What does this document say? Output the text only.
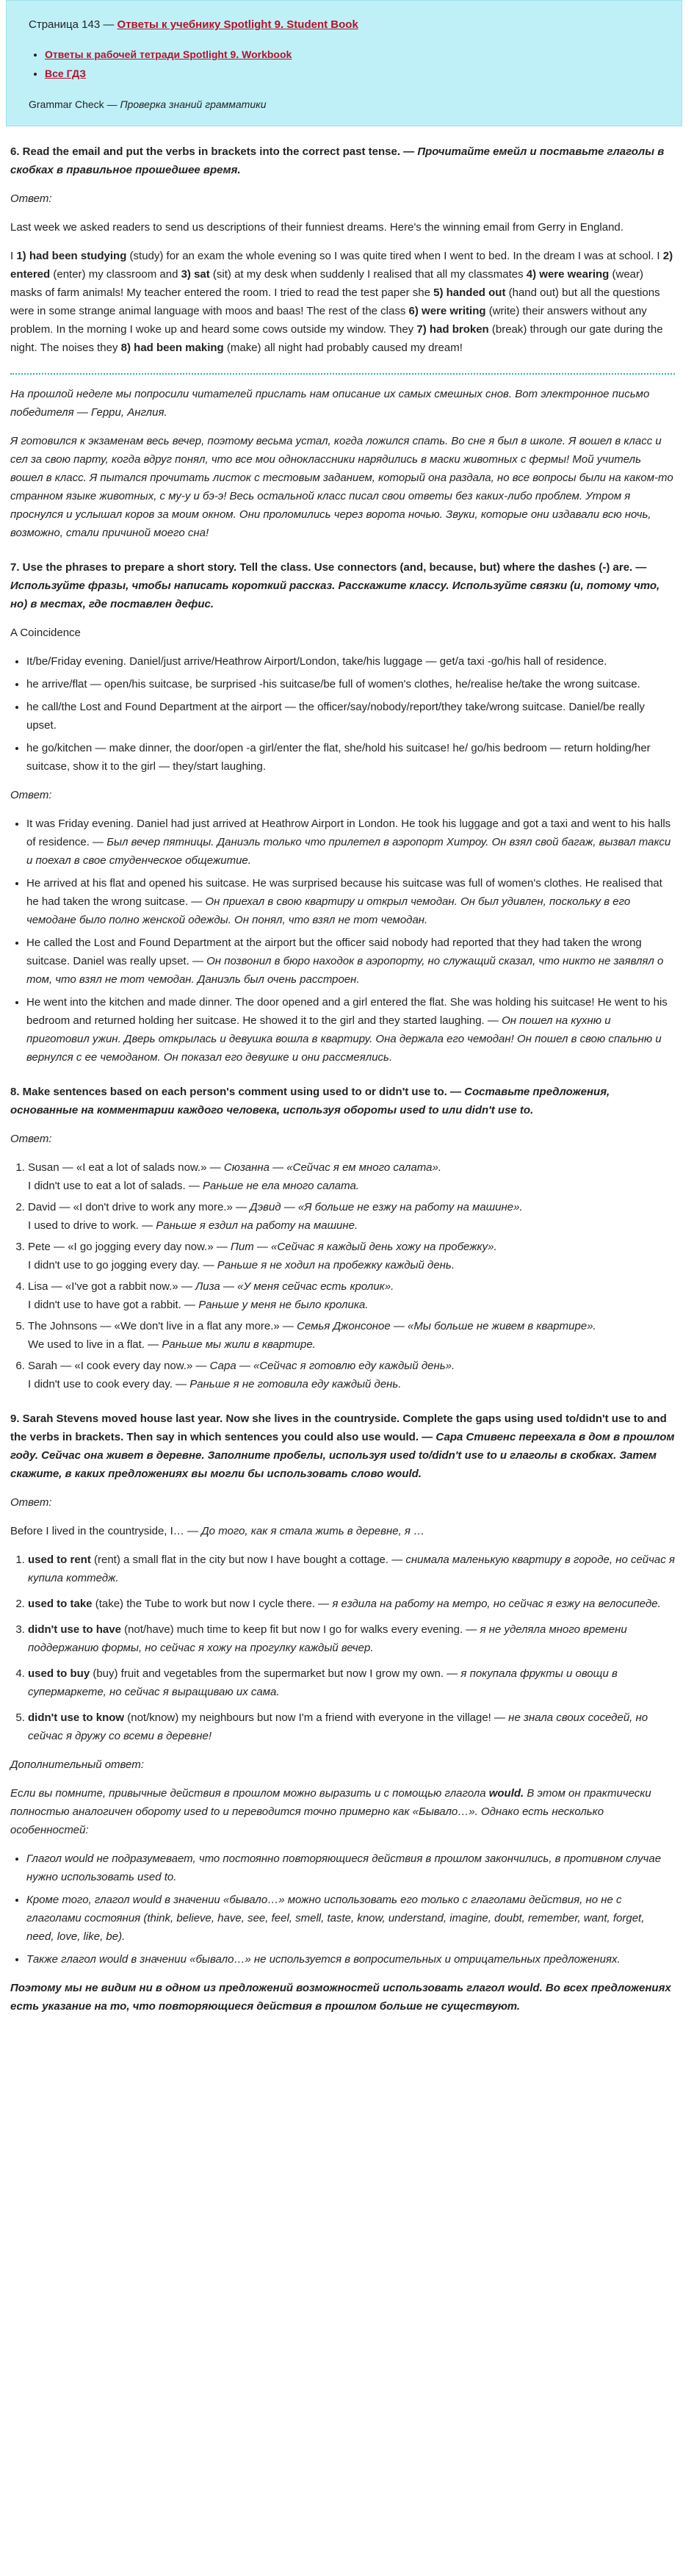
Страница 143 — Ответы к учебнику Spotlight 9. Student Book
• Ответы к рабочей тетради Spotlight 9. Workbook
• Все ГДЗ
Grammar Check — Проверка знаний грамматики
6. Read the email and put the verbs in brackets into the correct past tense. — Прочитайте емейл и поставьте глаголы в скобках в правильное прошедшее время.
Ответ:

Last week we asked readers to send us descriptions of their funniest dreams. Here's the winning email from Gerry in England.

I 1) had been studying (study) for an exam the whole evening so I was quite tired when I went to bed. In the dream I was at school. I 2) entered (enter) my classroom and 3) sat (sit) at my desk when suddenly I realised that all my classmates 4) were wearing (wear) masks of farm animals! My teacher entered the room. I tried to read the test paper she 5) handed out (hand out) but all the questions were in some strange animal language with moos and baas! The rest of the class 6) were writing (write) their answers without any problem. In the morning I woke up and heard some cows outside my window. They 7) had broken (break) through our gate during the night. The noises they 8) had been making (make) all night had probably caused my dream!

На прошлой неделе мы попросили читателей прислать нам описание их самых смешных снов. Вот электронное письмо победителя — Герри, Англия.

Я готовился к экзаменам весь вечер, поэтому весьма устал, когда ложился спать. Во сне я был в школе. Я вошел в класс и сел за свою парту, когда вдруг понял, что все мои одноклассники нарядились в маски животных с фермы! Мой учитель вошел в класс. Я пытался прочитать листок с тестовым заданием, который она раздала, но все вопросы были на каком-то странном языке животных, с му-у и бэ-э! Весь остальной класс писал свои ответы без каких-либо проблем. Утром я проснулся и услышал коров за моим окном. Они проломились через ворота ночью. Звуки, которые они издавали всю ночь, возможно, стали причиной моего сна!

7. Use the phrases to prepare a short story. Tell the class. Use connectors (and, because, but) where the dashes (-) are. — Используйте фразы, чтобы написать короткий рассказ. Расскажите классу. Используйте связки (и, потому что, но) в местах, где поставлен дефис.

A Coincidence

• It/be/Friday evening. Daniel/just arrive/Heathrow Airport/London, take/his luggage — get/a taxi -go/his hall of residence.
• he arrive/flat — open/his suitcase, be surprised -his suitcase/be full of women's clothes, he/realise he/take the wrong suitcase.
• he call/the Lost and Found Department at the airport — the officer/say/nobody/report/they take/wrong suitcase. Daniel/be really upset.
• he go/kitchen — make dinner, the door/open -a girl/enter the flat, she/hold his suitcase! he/ go/his bedroom — return holding/her suitcase, show it to the girl — they/start laughing.
Ответ:
• It was Friday evening. Daniel had just arrived at Heathrow Airport in London. He took his luggage and got a taxi and went to his halls of residence. — Был вечер пятницы. Даниэль только что прилетел в аэропорт Хитроу. Он взял свой багаж, вызвал такси и поехал в свое студенческое общежитие.
• He arrived at his flat and opened his suitcase. He was surprised because his suitcase was full of women's clothes. He realised that he had taken the wrong suitcase. — Он приехал в свою квартиру и открыл чемодан. Он был удивлен, поскольку в его чемодане было полно женской одежды. Он понял, что взял не тот чемодан.
• He called the Lost and Found Department at the airport but the officer said nobody had reported that they had taken the wrong suitcase. Daniel was really upset. — Он позвонил в бюро находок в аэропорту, но служащий сказал, что никто не заявлял о том, что взял не тот чемодан. Даниэль был очень расстроен.
• He went into the kitchen and made dinner. The door opened and a girl entered the flat. She was holding his suitcase! He went to his bedroom and returned holding her suitcase. He showed it to the girl and they started laughing. — Он пошел на кухню и приготовил ужин. Дверь открылась и девушка вошла в квартиру. Она держала его чемодан! Он пошел в свою спальню и вернулся с ее чемоданом. Он показал его девушке и они рассмеялись.
8. Make sentences based on each person's comment using used to or didn't use to. — Составьте предложения, основанные на комментарии каждого человека, используя обороты used to или didn't use to.
Ответ:
1. Susan — «I eat a lot of salads now.» — Сюзанна — «Сейчас я ем много салата».
I didn't use to eat a lot of salads. — Раньше не ела много салата.
2. David — «I don't drive to work any more.» — Дэвид — «Я больше не езжу на работу на машине».
I used to drive to work. — Раньше я ездил на работу на машине.
3. Pete — «I go jogging every day now.» — Пит — «Сейчас я каждый день хожу на пробежку».
I didn't use to go jogging every day. — Раньше я не ходил на пробежку каждый день.
4. Lisa — «I've got a rabbit now.» — Лиза — «У меня сейчас есть кролик».
I didn't use to have got a rabbit. — Раньше у меня не было кролика.
5. The Johnsons — «We don't live in a flat any more.» — Семья Джонсоное — «Мы больше не живем в квартире».
We used to live in a flat. — Раньше мы жили в квартире.
6. Sarah — «I cook every day now.» — Сара — «Сейчас я готовлю еду каждый день».
I didn't use to cook every day. — Раньше я не готовила еду каждый день.
9. Sarah Stevens moved house last year. Now she lives in the countryside. Complete the gaps using used to/didn't use to and the verbs in brackets. Then say in which sentences you could also use would. — Сара Стивенс переехала в дом в прошлом году. Сейчас она живет в деревне. Заполните пробелы, используя used to/didn't use to и глаголы в скобках. Затем скажите, в каких предложениях вы могли бы использовать слово would.
Ответ:

Before I lived in the countryside, I… — До того, как я стала жить в деревне, я …

1. used to rent (rent) a small flat in the city but now I have bought a cottage. — снимала маленькую квартиру в городе, но сейчас я купила коттедж.
2. used to take (take) the Tube to work but now I cycle there. — я ездила на работу на метро, но сейчас я езжу на велосипеде.
3. didn't use to have (not/have) much time to keep fit but now I go for walks every evening. — я не уделяла много времени поддержанию формы, но сейчас я хожу на прогулку каждый вечер.
4. used to buy (buy) fruit and vegetables from the supermarket but now I grow my own. — я покупала фрукты и овощи в супермаркете, но сейчас я выращиваю их сама.
5. didn't use to know (not/know) my neighbours but now I'm a friend with everyone in the village! — не знала своих соседей, но сейчас я дружу со всеми в деревне!
Дополнительный ответ:

Если вы помните, привычные действия в прошлом можно выразить и с помощью глагола would. В этом он практически полностью аналогичен обороту used to и переводится точно примерно как «Бывало…». Однако есть несколько особенностей:

• Глагол would не подразумевает, что постоянно повторяющиеся действия в прошлом закончились, в противном случае нужно использовать used to.
• Кроме того, глагол would в значении «бывало…» можно использовать его только с глаголами действия, но не с глаголами состояния (think, believe, have, see, feel, smell, taste, know, understand, imagine, doubt, remember, want, forget, need, love, like, be).
• Также глагол would в значении «бывало…» не используется в вопросительных и отрицательных предложениях.

Поэтому мы не видим ни в одном из предложений возможностей использовать глагол would. Во всех предложениях есть указание на то, что повторяющиеся действия в прошлом больше не существуют.
